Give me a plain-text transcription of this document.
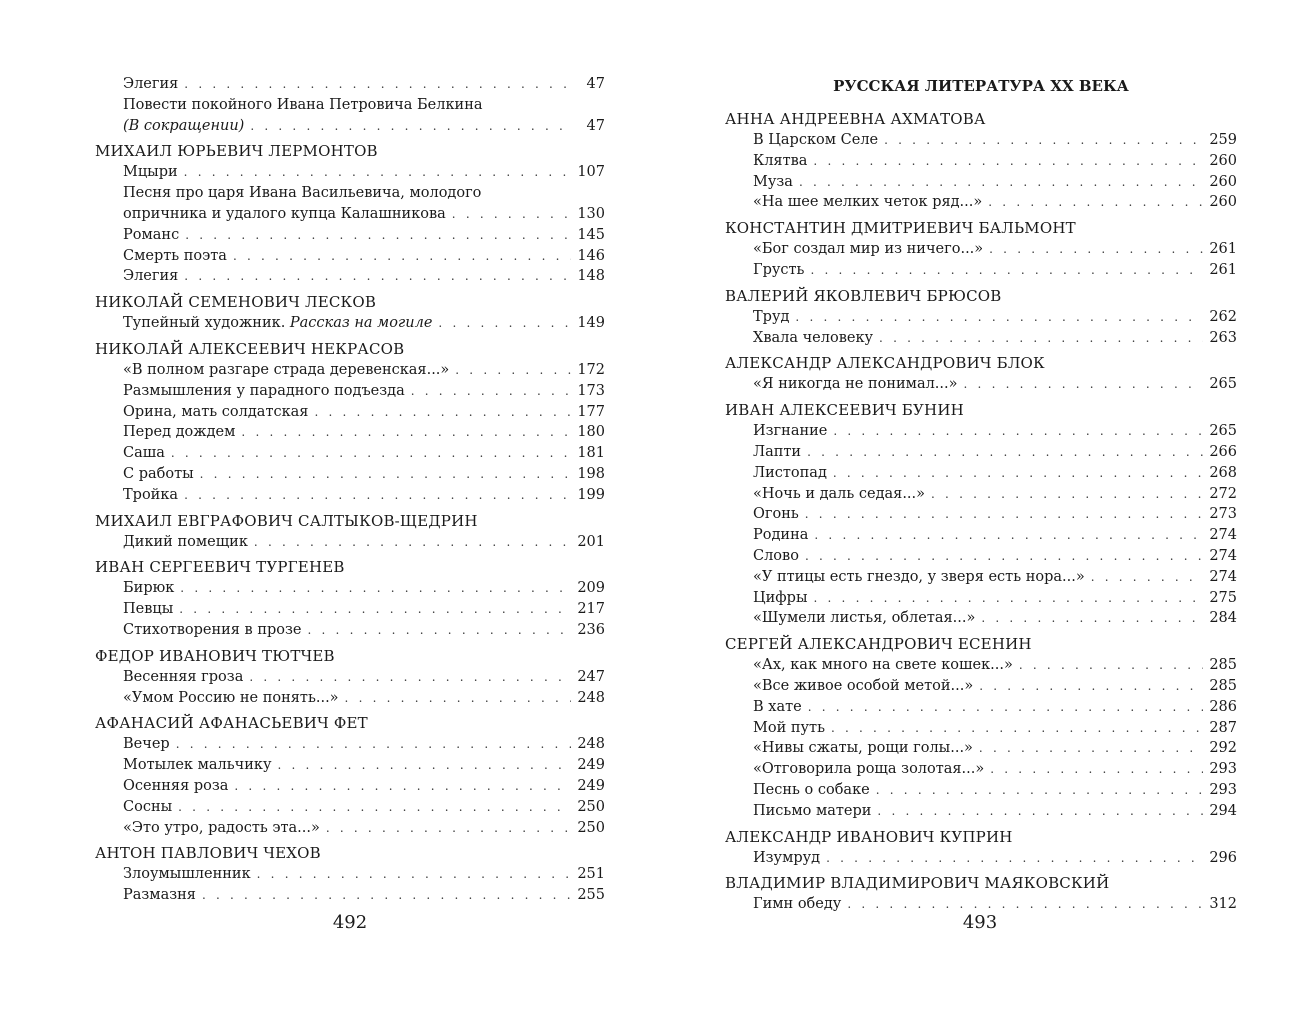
Элегия . . .	47
Повести покойного Ивана Петровича Белкина
(В сокращении) . . .	47
МИХАИЛ ЮРЬЕВИЧ ЛЕРМОНТОВ
Мцыри . . .	107
Песня про царя Ивана Васильевича, молодого
опричника и удалого купца Калашникова . . .	130
Романс . . .	145
Смерть поэта . . .	146
Элегия . . .	148
НИКОЛАЙ СЕМЕНОВИЧ ЛЕСКОВ
Тупейный художник. Рассказ на могиле . . .	149
НИКОЛАЙ АЛЕКСЕЕВИЧ НЕКРАСОВ
«В полном разгаре страда деревенская...» . . .	172
Размышления у парадного подъезда . . .	173
Орина, мать солдатская . . .	177
Перед дождем . . .	180
Саша . . .	181
С работы . . .	198
Тройка . . .	199
МИХАИЛ ЕВГРАФОВИЧ САЛТЫКОВ-ЩЕДРИН
Дикий помещик . . .	201
ИВАН СЕРГЕЕВИЧ ТУРГЕНЕВ
Бирюк . . .	209
Певцы . . .	217
Стихотворения в прозе . . .	236
ФЕДОР ИВАНОВИЧ ТЮТЧЕВ
Весенняя гроза . . .	247
«Умом Россию не понять...» . . .	248
АФАНАСИЙ АФАНАСЬЕВИЧ ФЕТ
Вечер . . .	248
Мотылек мальчику . . .	249
Осенняя роза . . .	249
Сосны . . .	250
«Это утро, радость эта...» . . .	250
АНТОН ПАВЛОВИЧ ЧЕХОВ
Злоумышленник . . .	251
Размазня . . .	255
РУССКАЯ ЛИТЕРАТУРА XX ВЕКА
АННА АНДРЕЕВНА АХМАТОВА
В Царском Селе . . .	259
Клятва . . .	260
Муза . . .	260
«На шее мелких четок ряд...» . . .	260
КОНСТАНТИН ДМИТРИЕВИЧ БАЛЬМОНТ
«Бог создал мир из ничего...» . . .	261
Грусть . . .	261
ВАЛЕРИЙ ЯКОВЛЕВИЧ БРЮСОВ
Труд . . .	262
Хвала человеку . . .	263
АЛЕКСАНДР АЛЕКСАНДРОВИЧ БЛОК
«Я никогда не понимал...» . . .	265
ИВАН АЛЕКСЕЕВИЧ БУНИН
Изгнание . . .	265
Лапти . . .	266
Листопад . . .	268
«Ночь и даль седая...» . . .	272
Огонь . . .	273
Родина . . .	274
Слово . . .	274
«У птицы есть гнездо, у зверя есть нора...» . . .	274
Цифры . . .	275
«Шумели листья, облетая...» . . .	284
СЕРГЕЙ АЛЕКСАНДРОВИЧ ЕСЕНИН
«Ах, как много на свете кошек...» . . .	285
«Все живое особой метой...» . . .	285
В хате . . .	286
Мой путь . . .	287
«Нивы сжаты, рощи голы...» . . .	292
«Отговорила роща золотая...» . . .	293
Песнь о собаке . . .	293
Письмо матери . . .	294
АЛЕКСАНДР ИВАНОВИЧ КУПРИН
Изумруд . . .	296
ВЛАДИМИР ВЛАДИМИРОВИЧ МАЯКОВСКИЙ
Гимн обеду . . .	312
492	493
